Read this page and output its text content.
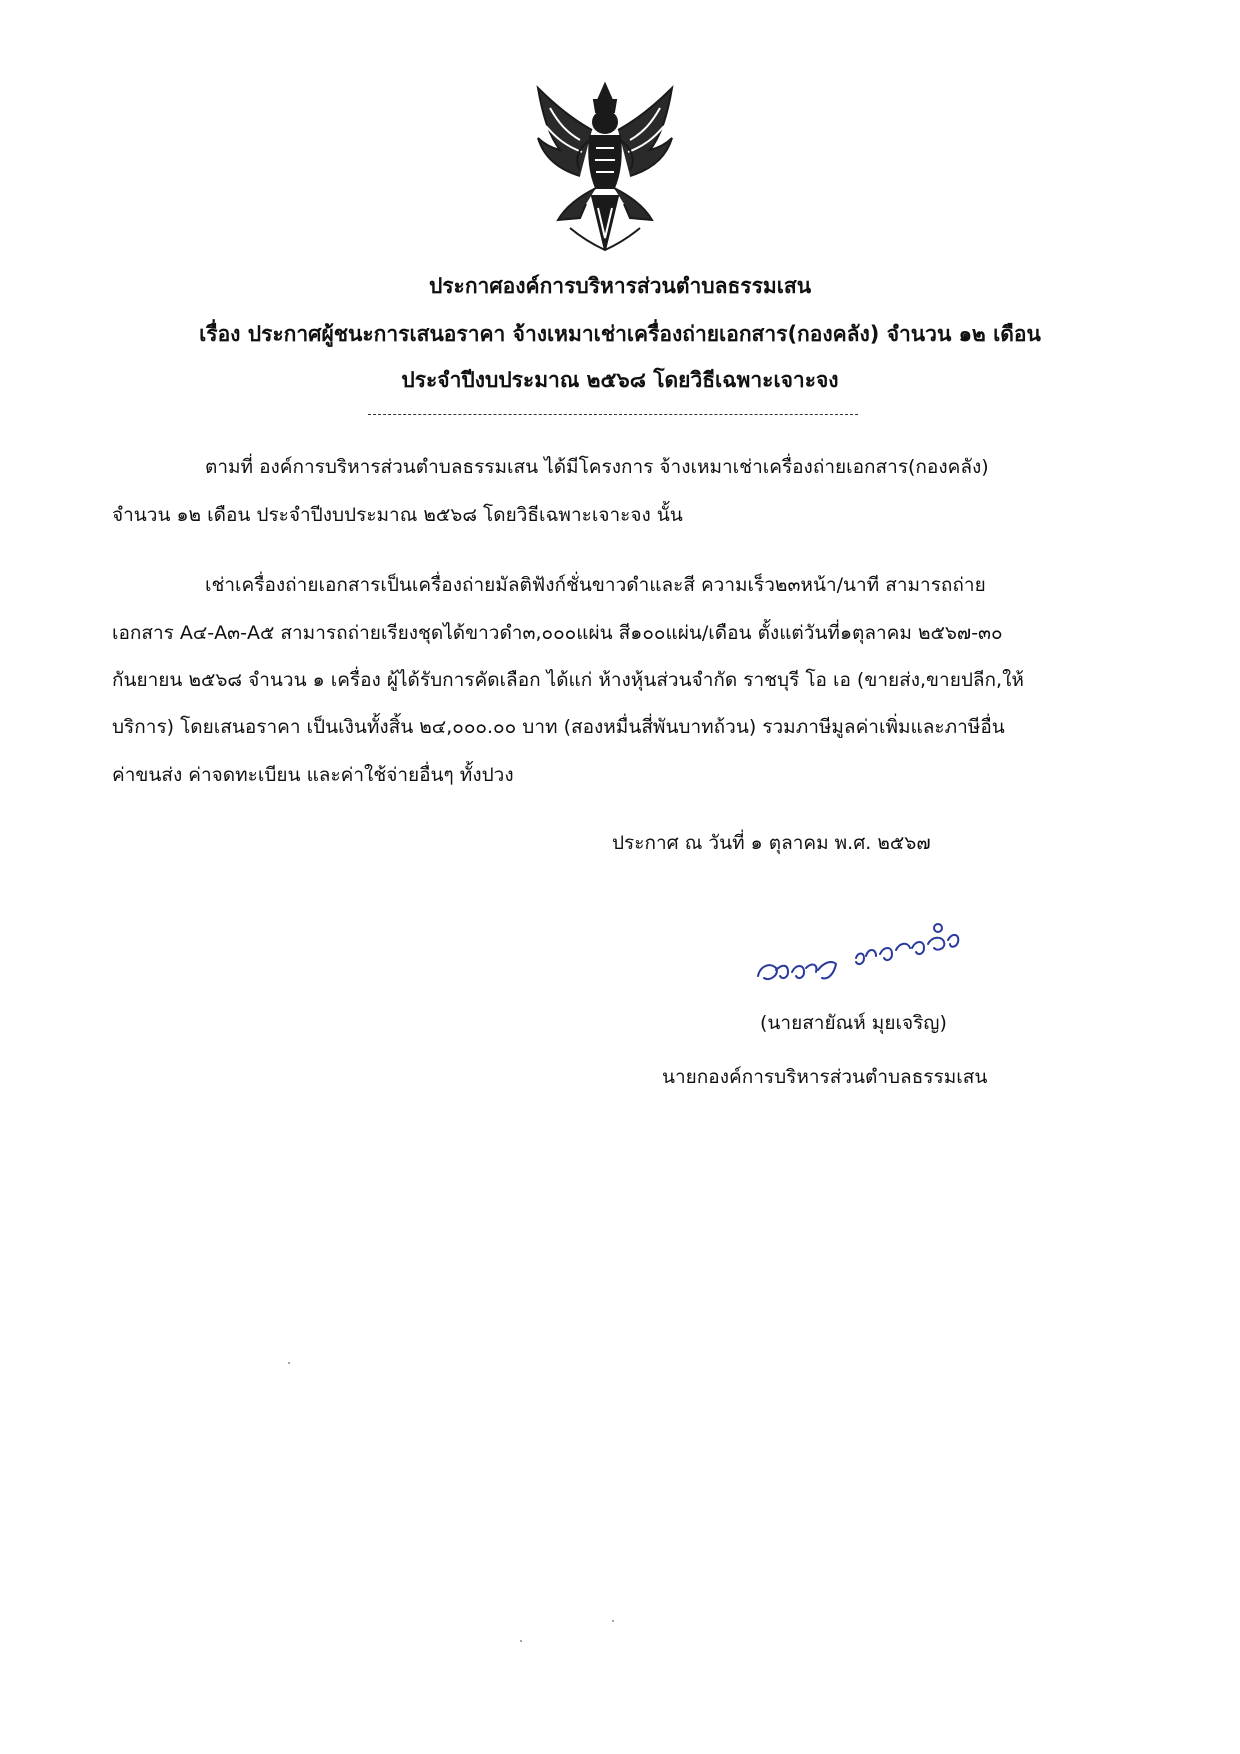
ประกาศองค์การบริหารส่วนตำบลธรรมเสน
เรื่อง ประกาศผู้ชนะการเสนอราคา จ้างเหมาเช่าเครื่องถ่ายเอกสาร(กองคลัง) จำนวน ๑๒ เดือน
ประจำปีงบประมาณ ๒๕๖๘ โดยวิธีเฉพาะเจาะจง
ตามที่ องค์การบริหารส่วนตำบลธรรมเสน ได้มีโครงการ จ้างเหมาเช่าเครื่องถ่ายเอกสาร(กองคลัง)
จำนวน ๑๒ เดือน ประจำปีงบประมาณ ๒๕๖๘ โดยวิธีเฉพาะเจาะจง นั้น
เช่าเครื่องถ่ายเอกสารเป็นเครื่องถ่ายมัลติฟังก์ชั่นขาวดำและสี ความเร็ว๒๓หน้า/นาที สามารถถ่าย
เอกสาร A๔-A๓-A๕ สามารถถ่ายเรียงชุดได้ขาวดำ๓,๐๐๐แผ่น สี๑๐๐แผ่น/เดือน ตั้งแต่วันที่๑ตุลาคม ๒๕๖๗-๓๐
กันยายน ๒๕๖๘ จำนวน ๑ เครื่อง ผู้ได้รับการคัดเลือก ได้แก่ ห้างหุ้นส่วนจำกัด ราชบุรี โอ เอ (ขายส่ง,ขายปลีก,ให้
บริการ) โดยเสนอราคา เป็นเงินทั้งสิ้น ๒๔,๐๐๐.๐๐ บาท (สองหมื่นสี่พันบาทถ้วน) รวมภาษีมูลค่าเพิ่มและภาษีอื่น
ค่าขนส่ง ค่าจดทะเบียน และค่าใช้จ่ายอื่นๆ ทั้งปวง
ประกาศ ณ วันที่ ๑ ตุลาคม พ.ศ. ๒๕๖๗
(นายสายัณห์ มุยเจริญ)
นายกองค์การบริหารส่วนตำบลธรรมเสน
